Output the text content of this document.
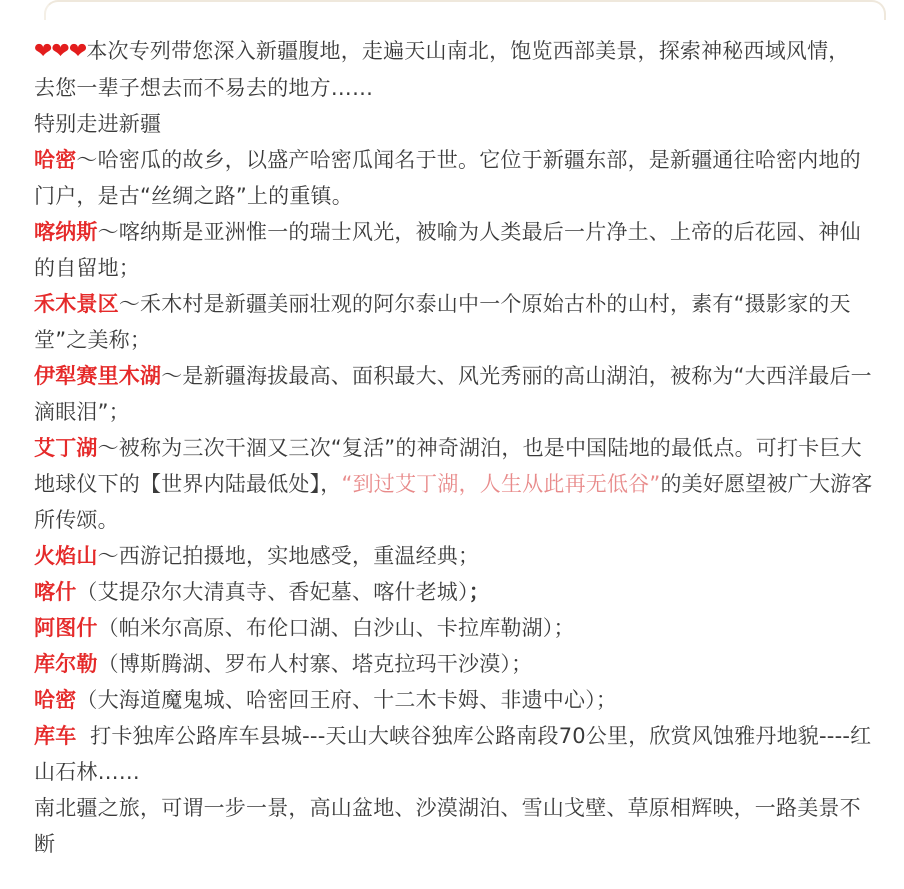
❤❤❤本次专列带您深入新疆腹地，走遍天山南北，饱览西部美景，探索神秘西域风情， 去您一辈子想去而不易去的地方……

特别走进新疆

哈密～哈密瓜的故乡，以盛产哈密瓜闻名于世。它位于新疆东部，是新疆通往哈密内地的门户，是古“丝绸之路”上的重镇。

喀纳斯～喀纳斯是亚洲惟一的瑞士风光，被喻为人类最后一片净土、上帝的后花园、神仙的自留地；

禾木景区～禾木村是新疆美丽壮观的阿尔泰山中一个原始古朴的山村，素有“摄影家的天堂”之美称；

伊犁赛里木湖～是新疆海拔最高、面积最大、风光秀丽的高山湖泊，被称为“大西洋最后一滴眼泪”；

艾丁湖～被称为三次干涸又三次“复活”的神奇湖泊，也是中国陆地的最低点。可打卡巨大地球仪下的【世界内陆最低处】，“到过艾丁湖，人生从此再无低谷”的美好愿望被广大游客所传颂。

火焰山～西游记拍摄地，实地感受，重温经典；

喀什（艾提尕尔大清真寺、香妃墓、喀什老城）；

阿图什（帕米尔高原、布伦口湖、白沙山、卡拉库勒湖）；

库尔勒（博斯腾湖、罗布人村寨、塔克拉玛干沙漠）；

哈密（大海道魔鬼城、哈密回王府、十二木卡姆、非遗中心）；

库车  打卡独库公路库车县城---天山大峡谷独库公路南段70公里，欣赏风蚀雅丹地貌----红山石林……

南北疆之旅，可谓一步一景，高山盆地、沙漠湖泊、雪山戈壁、草原相辉映，一路美景不断
